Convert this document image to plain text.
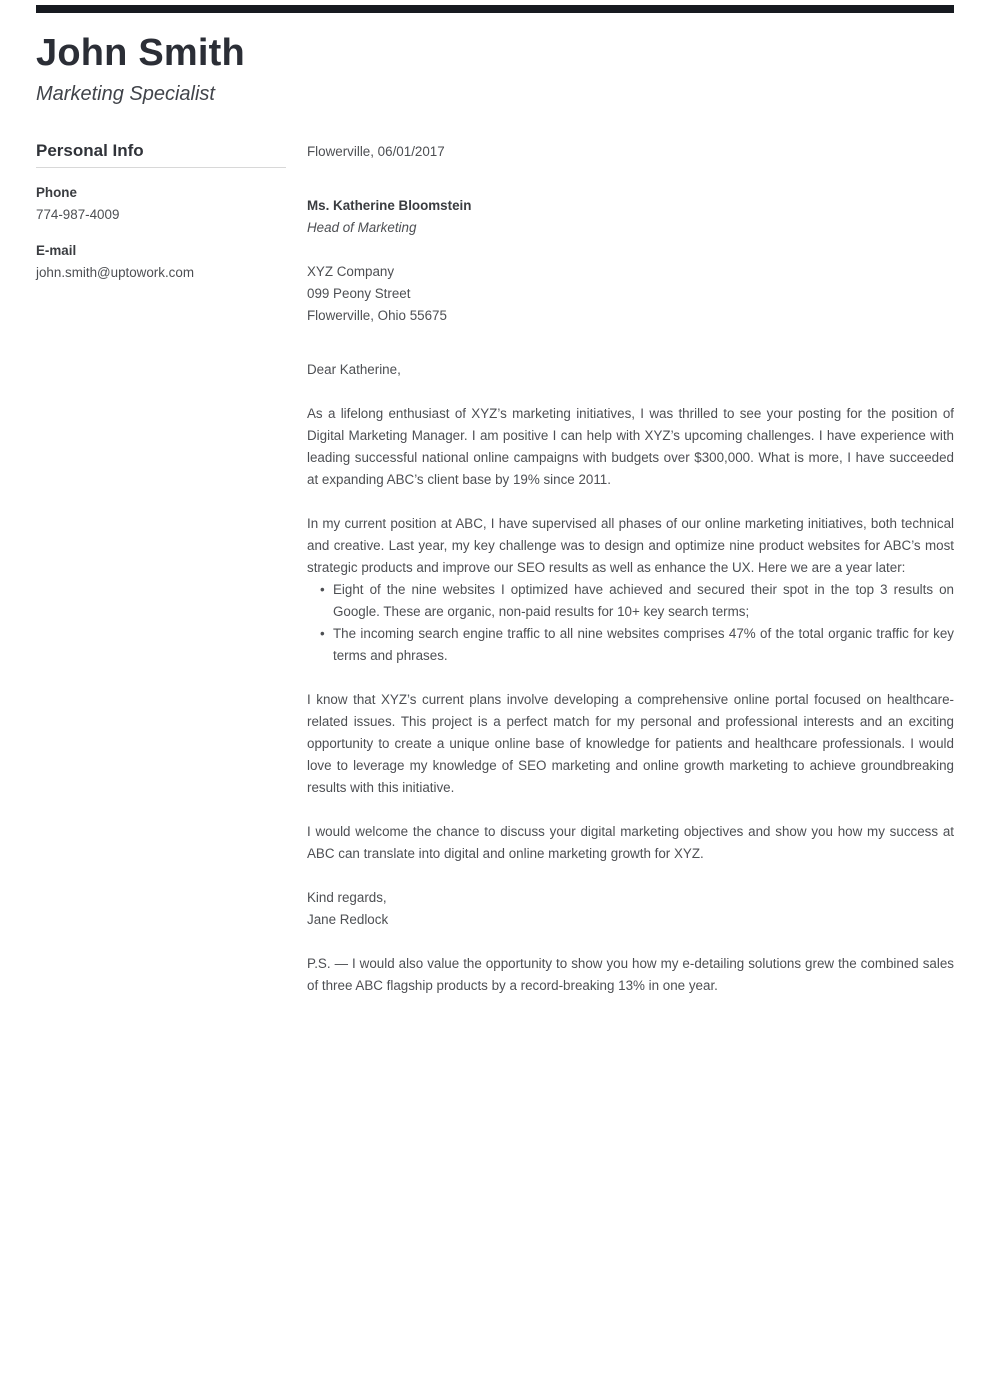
John Smith
Marketing Specialist
Personal Info
Phone
774-987-4009
E-mail
john.smith@uptowork.com
Flowerville, 06/01/2017
Ms. Katherine Bloomstein
Head of Marketing
XYZ Company
099 Peony Street
Flowerville, Ohio 55675
Dear Katherine,

As a lifelong enthusiast of XYZ’s marketing initiatives, I was thrilled to see your posting for the position of Digital Marketing Manager. I am positive I can help with XYZ’s upcoming challenges. I have experience with leading successful national online campaigns with budgets over $300,000. What is more, I have succeeded at expanding ABC’s client base by 19% since 2011.

In my current position at ABC, I have supervised all phases of our online marketing initiatives, both technical and creative. Last year, my key challenge was to design and optimize nine product websites for ABC’s most strategic products and improve our SEO results as well as enhance the UX. Here we are a year later:

• Eight of the nine websites I optimized have achieved and secured their spot in the top 3 results on Google. These are organic, non-paid results for 10+ key search terms;
• The incoming search engine traffic to all nine websites comprises 47% of the total organic traffic for key terms and phrases.

I know that XYZ’s current plans involve developing a comprehensive online portal focused on healthcare-related issues. This project is a perfect match for my personal and professional interests and an exciting opportunity to create a unique online base of knowledge for patients and healthcare professionals. I would love to leverage my knowledge of SEO marketing and online growth marketing to achieve groundbreaking results with this initiative.

I would welcome the chance to discuss your digital marketing objectives and show you how my success at ABC can translate into digital and online marketing growth for XYZ.

Kind regards,
Jane Redlock

P.S. — I would also value the opportunity to show you how my e-detailing solutions grew the combined sales of three ABC flagship products by a record-breaking 13% in one year.
